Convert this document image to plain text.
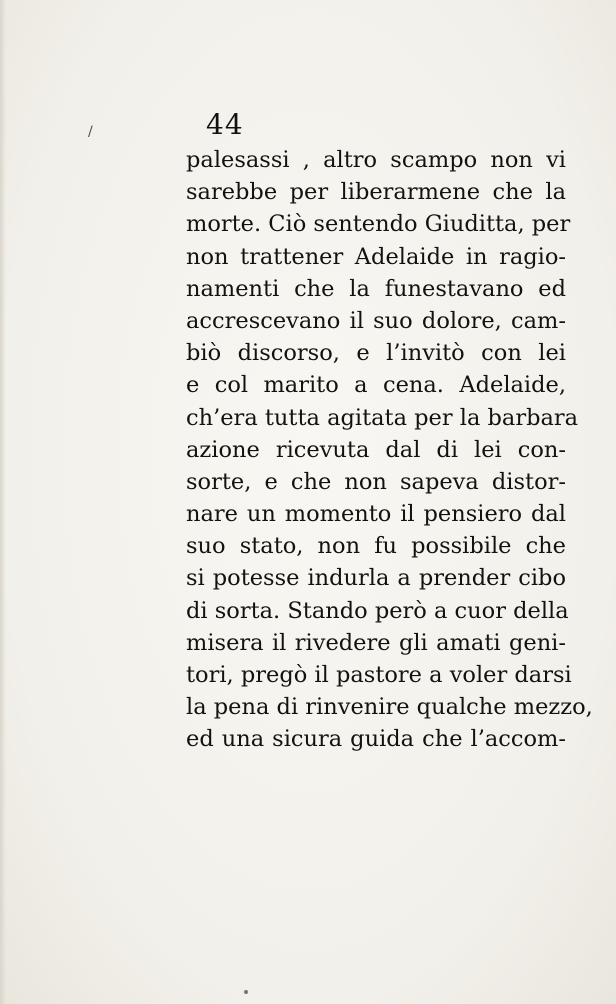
/	44
palesassi , altro scampo non vi
sarebbe per liberarmene che la
morte. Ciò sentendo Giuditta, per
non trattener Adelaide in ragio-
namenti che la funestavano ed
accrescevano il suo dolore, cam-
biò discorso, e l’invitò con lei
e col marito a cena. Adelaide,
ch’era tutta agitata per la barbara
azione ricevuta dal di lei con-
sorte, e che non sapeva distor-
nare un momento il pensiero dal
suo stato, non fu possibile che
si potesse indurla a prender cibo
di sorta. Stando però a cuor della
misera il rivedere gli amati geni-
tori, pregò il pastore a voler darsi
la pena di rinvenire qualche mezzo,
ed una sicura guida che l’accom-
